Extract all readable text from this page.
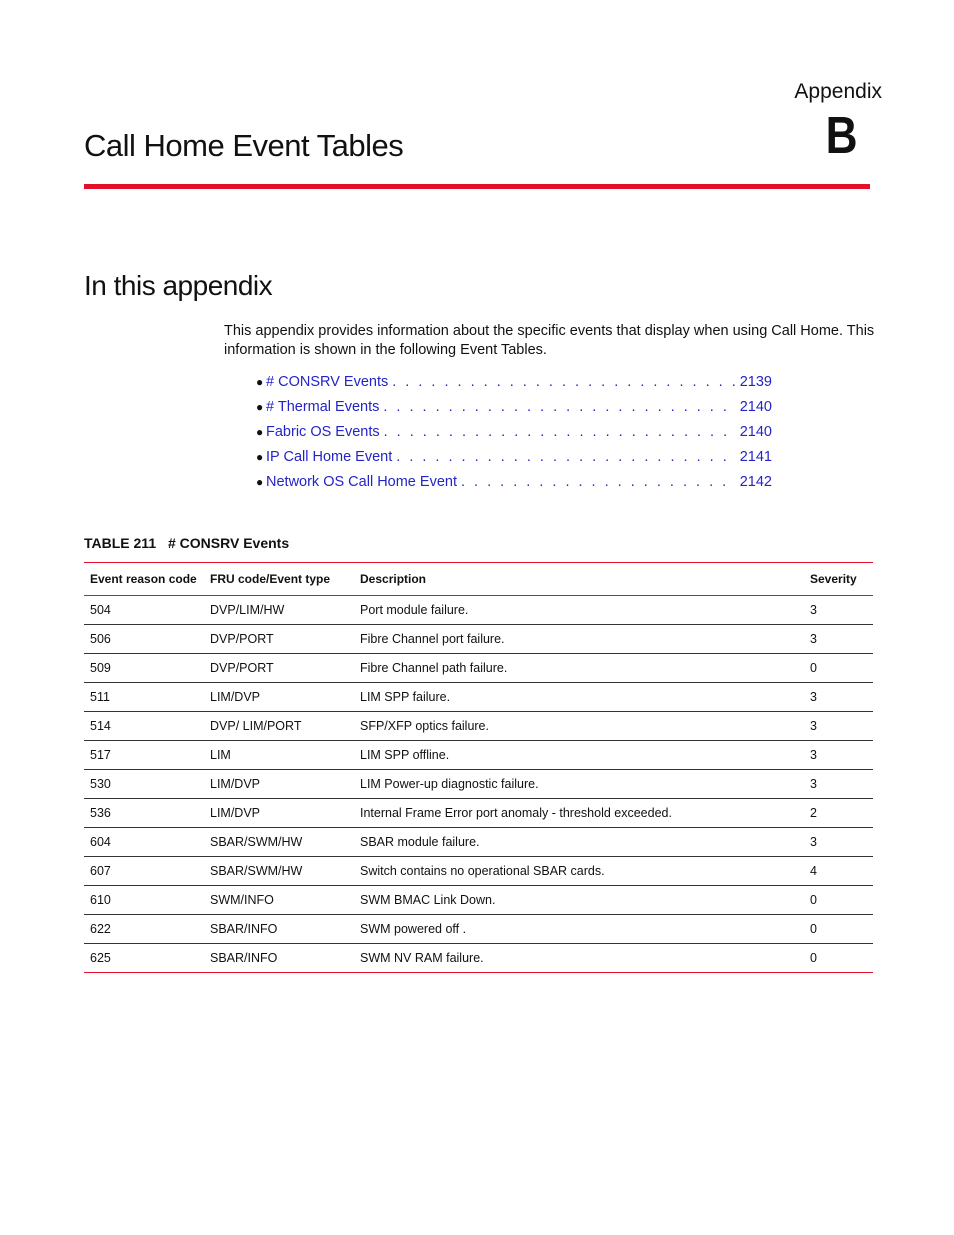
Appendix
B
Call Home Event Tables
In this appendix

This appendix provides information about the specific events that display when using Call Home. This information is shown in the following Event Tables.

● # CONSRV Events . . .	2139
● # Thermal Events . . .	2140
● Fabric OS Events . . .	2140
● IP Call Home Event . . .	2141
● Network OS Call Home Event . . .	2142
TABLE 211 # CONSRV Events
Event reason code	FRU code/Event type	Description	Severity
504	DVP/LIM/HW	Port module failure.	3
506	DVP/PORT	Fibre Channel port failure.	3
509	DVP/PORT	Fibre Channel path failure.	0
511	LIM/DVP	LIM SPP failure.	3
514	DVP/ LIM/PORT	SFP/XFP optics failure.	3
517	LIM	LIM SPP offline.	3
530	LIM/DVP	LIM Power-up diagnostic failure.	3
536	LIM/DVP	Internal Frame Error port anomaly - threshold exceeded.	2
604	SBAR/SWM/HW	SBAR module failure.	3
607	SBAR/SWM/HW	Switch contains no operational SBAR cards.	4
610	SWM/INFO	SWM BMAC Link Down.	0
622	SBAR/INFO	SWM powered off .	0
625	SBAR/INFO	SWM NV RAM failure.	0
